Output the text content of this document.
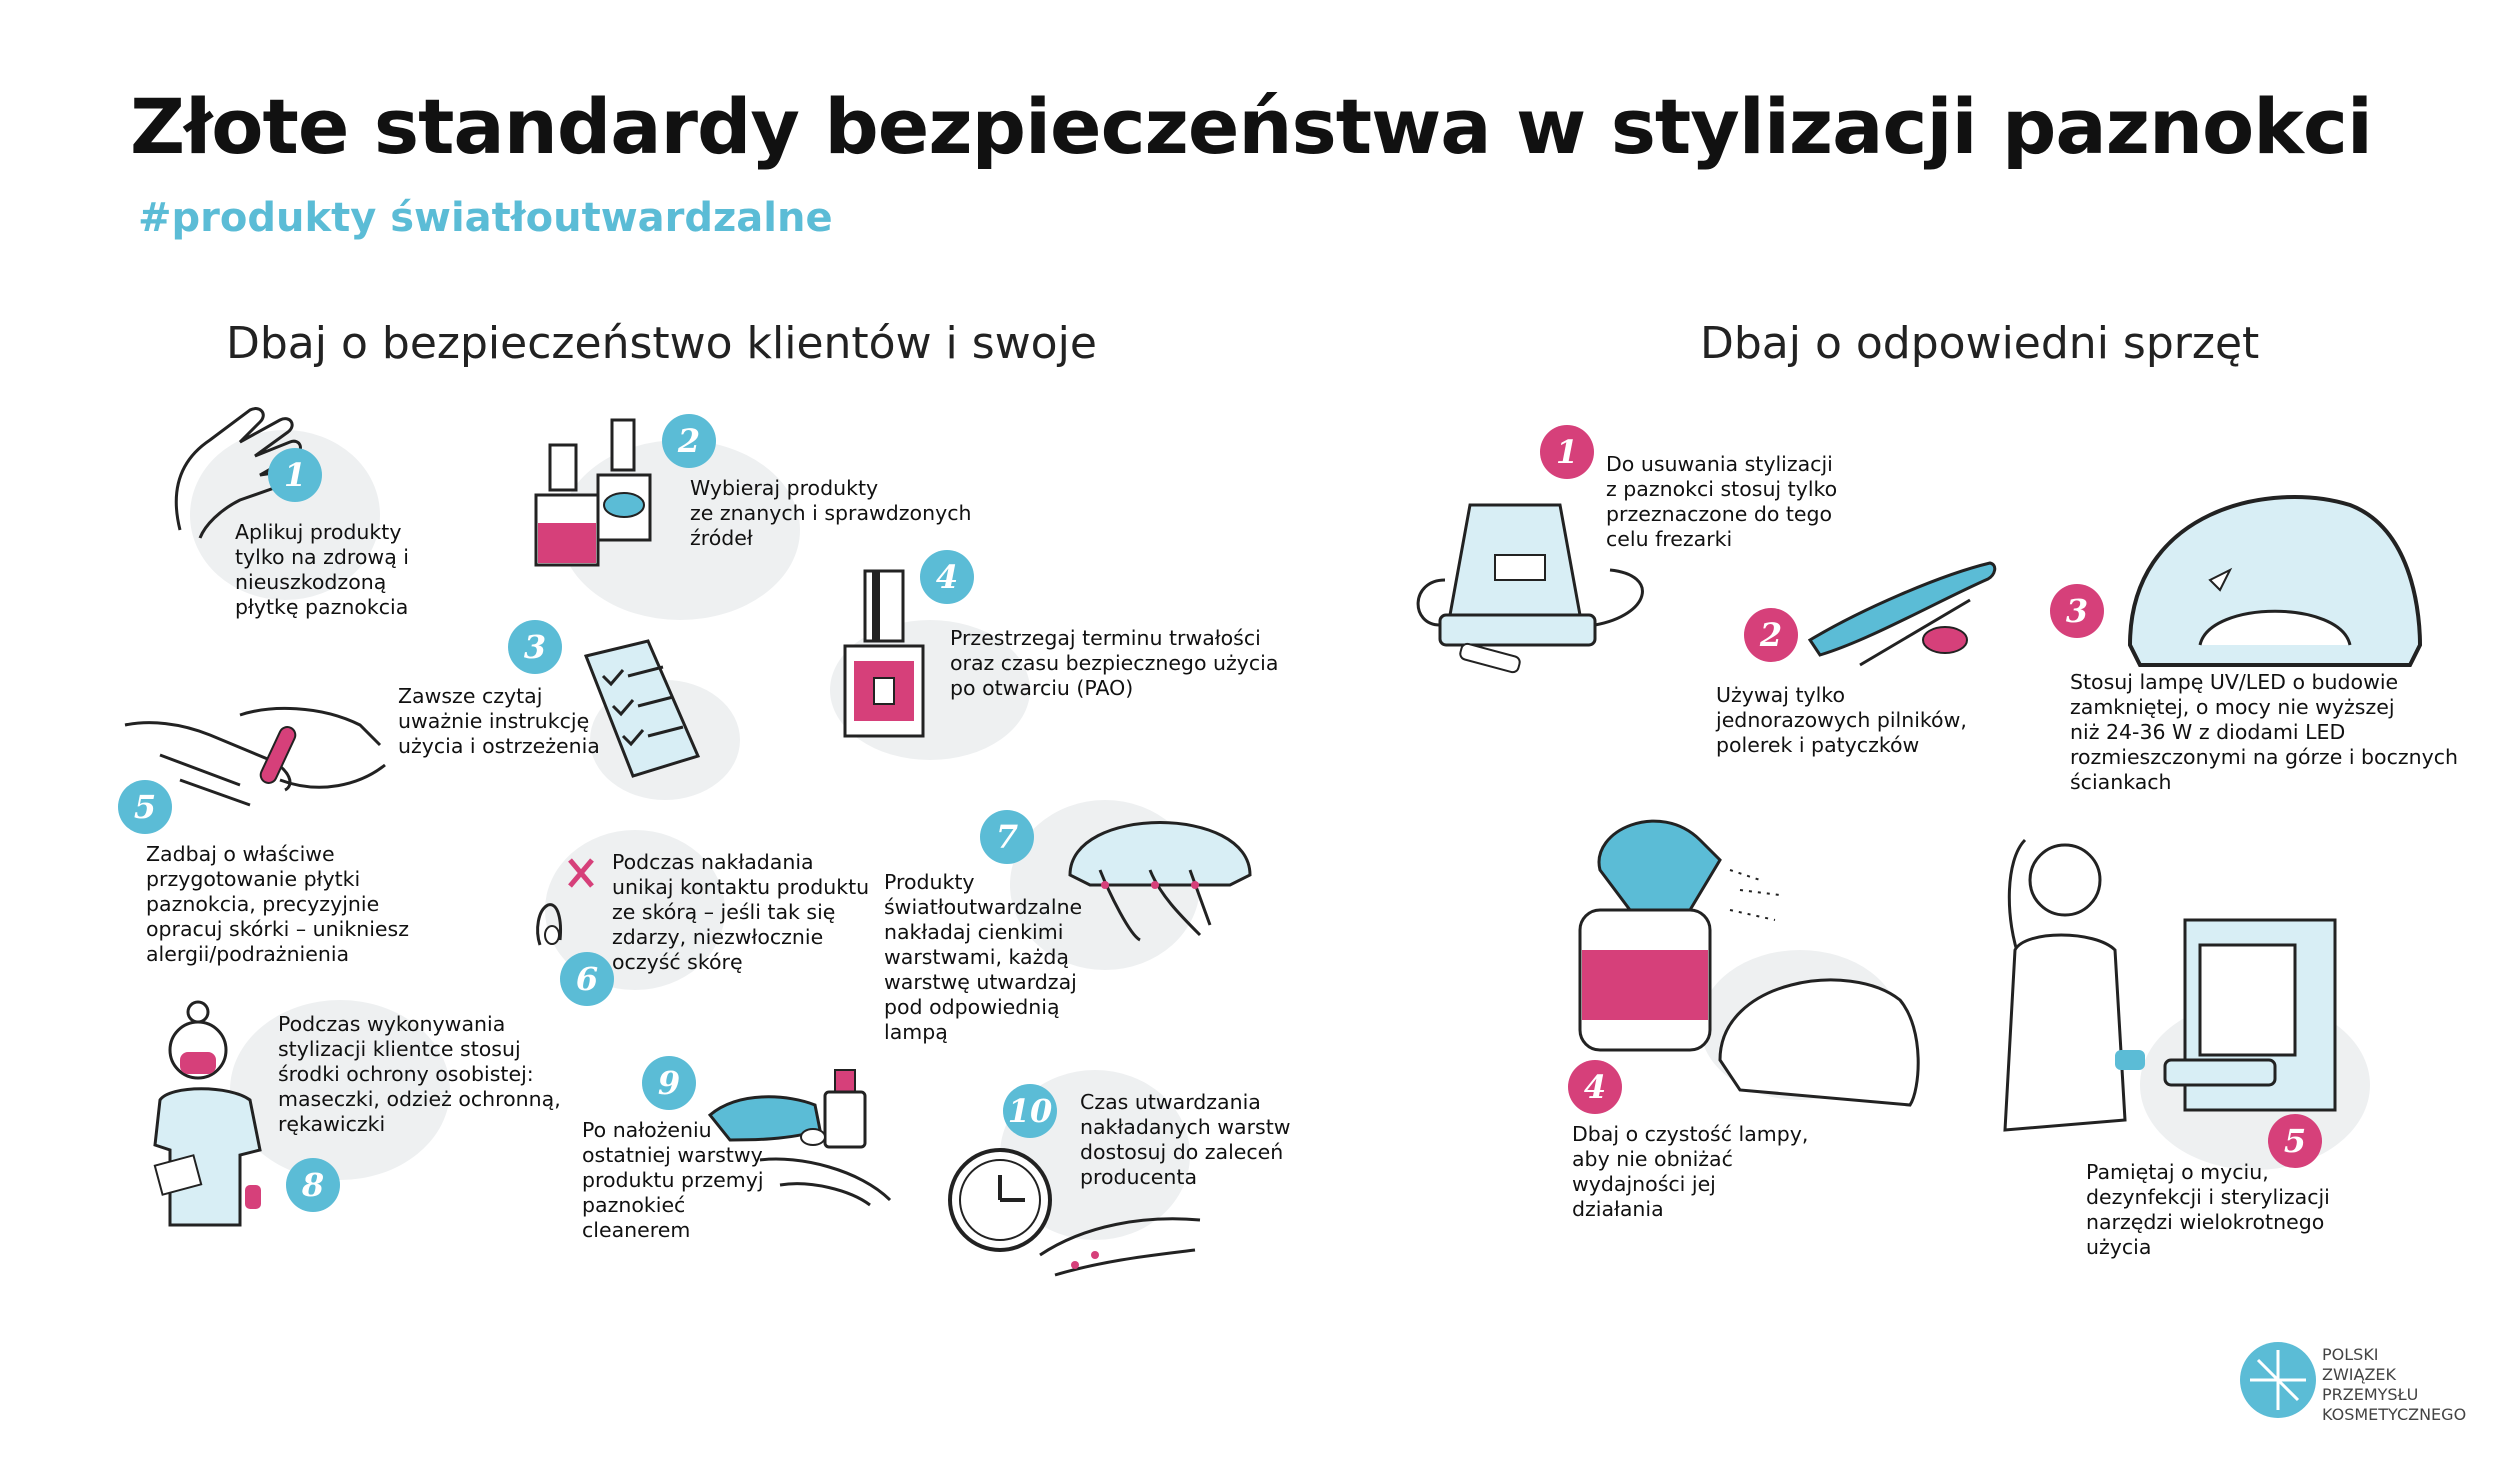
Złote standardy bezpieczeństwa w stylizacji paznokci
#produkty światłoutwardzalne
Dbaj o bezpieczeństwo klientów i swoje	Dbaj o odpowiedni sprzęt
1
Aplikuj produkty
tylko na zdrową i
nieuszkodzoną
płytkę paznokcia
2
Wybieraj produkty
ze znanych i sprawdzonych
źródeł
3
Zawsze czytaj
uważnie instrukcję
użycia i ostrzeżenia
4
Przestrzegaj terminu trwałości
oraz czasu bezpiecznego użycia
po otwarciu (PAO)
5
Zadbaj o właściwe
przygotowanie płytki
paznokcia, precyzyjnie
opracuj skórki – unikniesz
alergii/podrażnienia
6
Podczas nakładania
unikaj kontaktu produktu
ze skórą – jeśli tak się
zdarzy, niezwłocznie
oczyść skórę
7
Produkty
światłoutwardzalne
nakładaj cienkimi
warstwami, każdą
warstwę utwardzaj
pod odpowiednią
lampą
8
Podczas wykonywania
stylizacji klientce stosuj
środki ochrony osobistej:
maseczki, odzież ochronną,
rękawiczki
9
Po nałożeniu
ostatniej warstwy
produktu przemyj
paznokieć
cleanerem
10 Czas utwardzania
nakładanych warstw
dostosuj do zaleceń
producenta
1	Do usuwania stylizacji
z paznokci stosuj tylko
przeznaczone do tego
celu frezarki
2
Używaj tylko
jednorazowych pilników,
polerek i patyczków
3
Stosuj lampę UV/LED o budowie
zamkniętej, o mocy nie wyższej
niż 24-36 W z diodami LED
rozmieszczonymi na górze i bocznych
ściankach
4
Dbaj o czystość lampy,
aby nie obniżać
wydajności jej
działania
5
Pamiętaj o myciu,
dezynfekcji i sterylizacji
narzędzi wielokrotnego
użycia
POLSKI
ZWIĄZEK
PRZEMYSŁU
KOSMETYCZNEGO
